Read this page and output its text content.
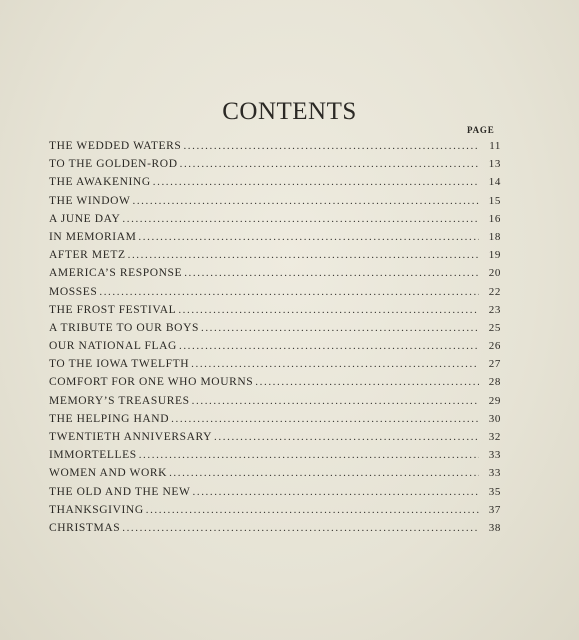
CONTENTS
PAGE
THE WEDDED WATERS .....	11
TO THE GOLDEN-ROD .....	13
THE AWAKENING .....	14
THE WINDOW .....	15
A JUNE DAY .....	16
IN MEMORIAM .....	18
AFTER METZ .....	19
AMERICA’S RESPONSE .....	20
MOSSES .....	22
THE FROST FESTIVAL .....	23
A TRIBUTE TO OUR BOYS .....	25
OUR NATIONAL FLAG .....	26
TO THE IOWA TWELFTH .....	27
COMFORT FOR ONE WHO MOURNS .....	28
MEMORY’S TREASURES .....	29
THE HELPING HAND .....	30
TWENTIETH ANNIVERSARY .....	32
IMMORTELLES .....	33
WOMEN AND WORK .....	33
THE OLD AND THE NEW .....	35
THANKSGIVING .....	37
CHRISTMAS .....	38
